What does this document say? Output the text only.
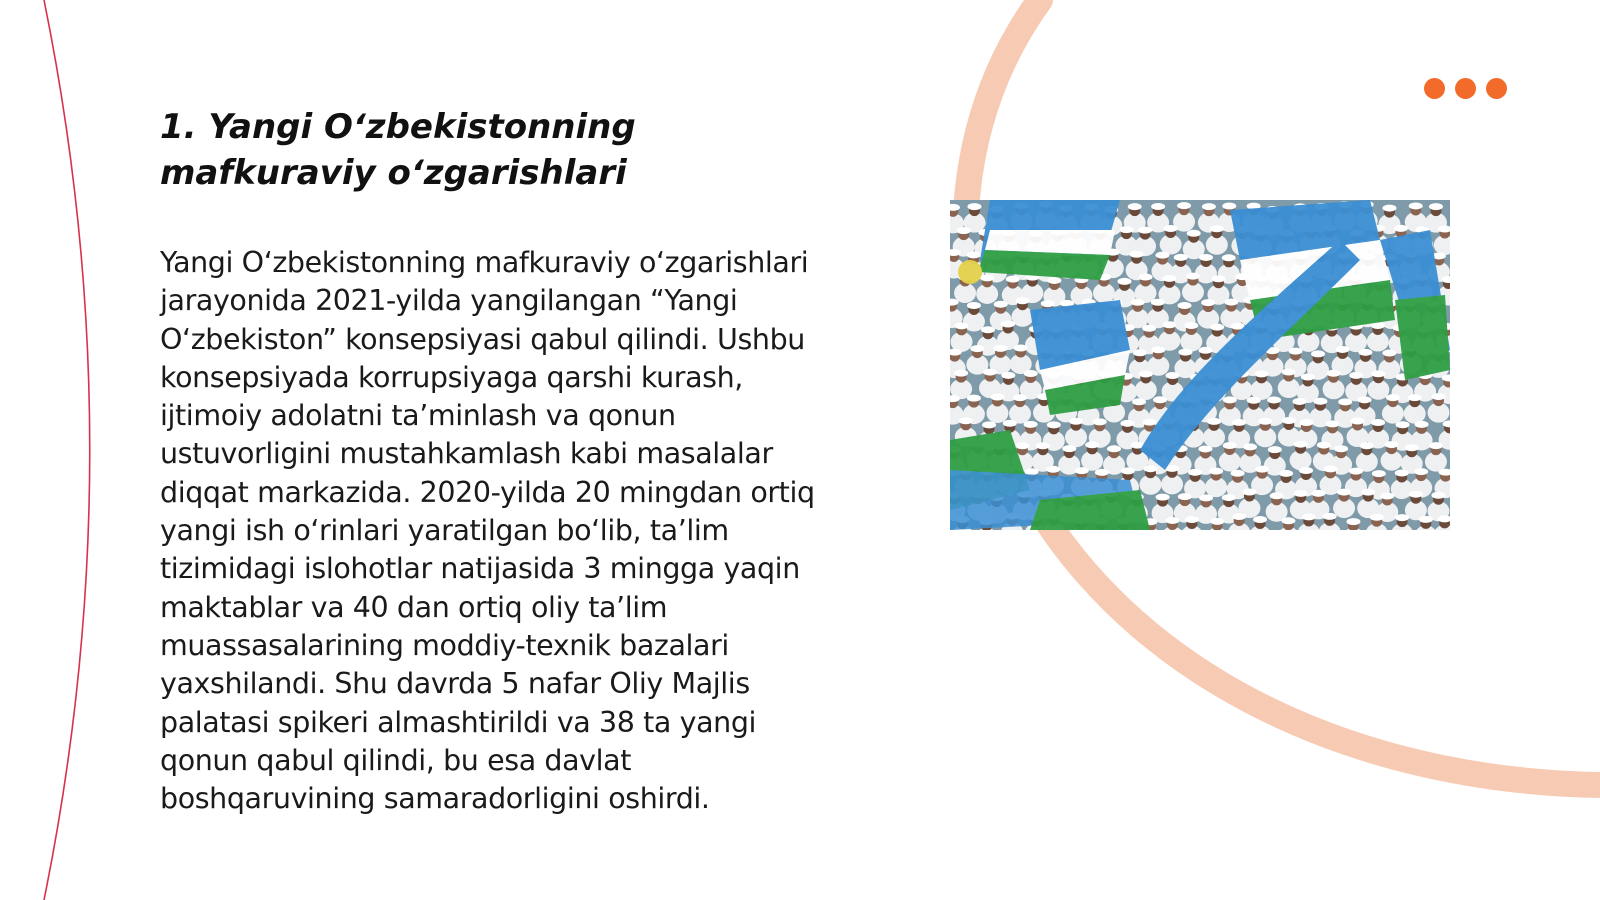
1. Yangi O‘zbekistonning mafkuraviy o‘zgarishlari

Yangi O‘zbekistonning mafkuraviy o‘zgarishlari jarayonida 2021-yilda yangilangan “Yangi O‘zbekiston” konsepsiyasi qabul qilindi. Ushbu konsepsiyada korrupsiyaga qarshi kurash, ijtimoiy adolatni ta’minlash va qonun ustuvorligini mustahkamlash kabi masalalar diqqat markazida. 2020-yilda 20 mingdan ortiq yangi ish o‘rinlari yaratilgan bo‘lib, ta’lim tizimidagi islohotlar natijasida 3 mingga yaqin maktablar va 40 dan ortiq oliy ta’lim muassasalarining moddiy-texnik bazalari yaxshilandi. Shu davrda 5 nafar Oliy Majlis palatasi spikeri almashtirildi va 38 ta yangi qonun qabul qilindi, bu esa davlat boshqaruvining samaradorligini oshirdi.
